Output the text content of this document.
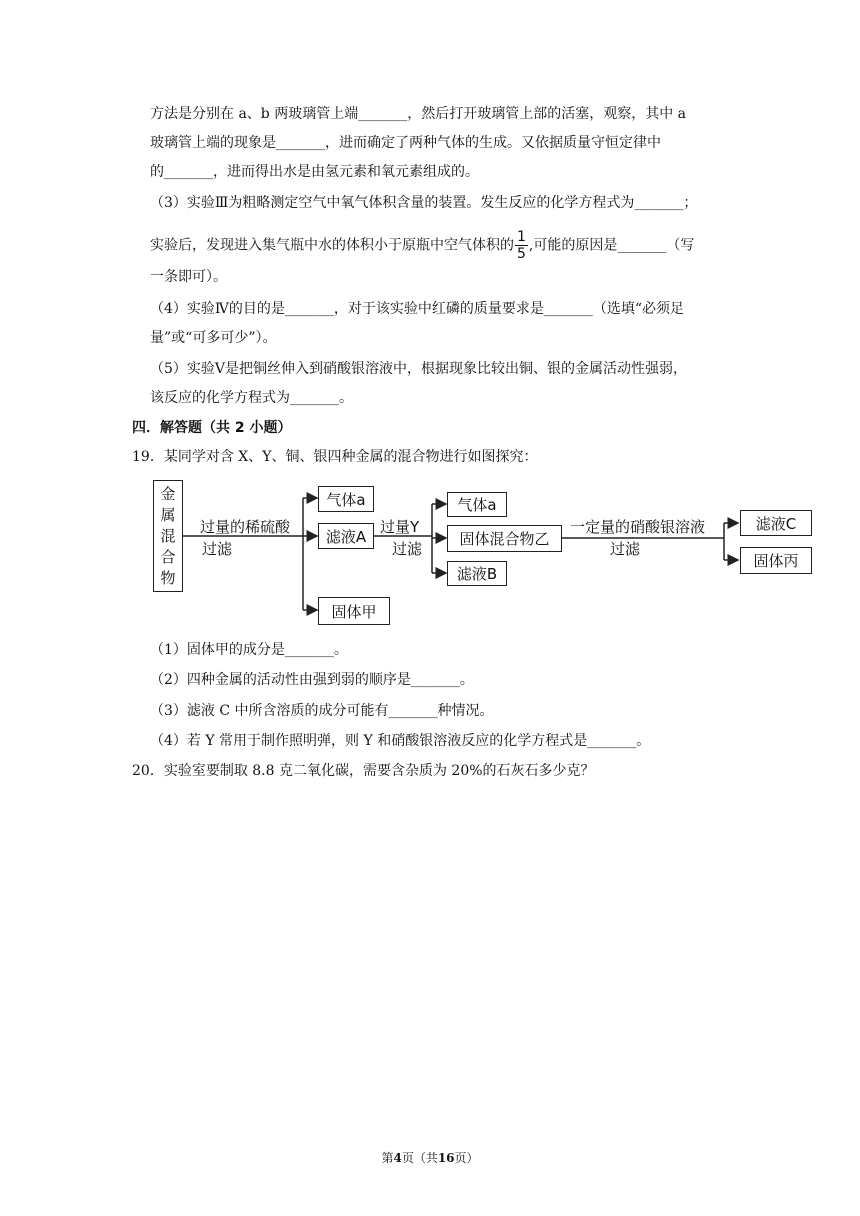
方法是分别在 a、b 两玻璃管上端_______，然后打开玻璃管上部的活塞，观察，其中 a
玻璃管上端的现象是_______，进而确定了两种气体的生成。又依据质量守恒定律中
的_______，进而得出水是由氢元素和氧元素组成的。
（3）实验Ⅲ为粗略测定空气中氧气体积含量的装置。发生反应的化学方程式为_______；
实验后，发现进入集气瓶中水的体积小于原瓶中空气体积的 $\frac{1}{5}$ ,可能的原因是_______（写
一条即可）。
（4）实验Ⅳ的目的是_______，对于该实验中红磷的质量要求是_______（选填“必须足
量”或“可多可少”）。
（5）实验Ⅴ是把铜丝伸入到硝酸银溶液中，根据现象比较出铜、银的金属活动性强弱，
该反应的化学方程式为_______。
四．解答题（共 2 小题）
19．某同学对含 X、Y、铜、银四种金属的混合物进行如图探究：
金
属
混
合
物
过量的稀硫酸
过滤
气体a
滤液A
固体甲
过量Y
过滤
气体a
固体混合物乙
滤液B
一定量的硝酸银溶液
过滤
滤液C
固体丙
（1）固体甲的成分是_______。
（2）四种金属的活动性由强到弱的顺序是_______。
（3）滤液 C 中所含溶质的成分可能有_______种情况。
（4）若 Y 常用于制作照明弹，则 Y 和硝酸银溶液反应的化学方程式是_______。
20．实验室要制取 8.8 克二氧化碳，需要含杂质为 20%的石灰石多少克？
第4页（共16页）
